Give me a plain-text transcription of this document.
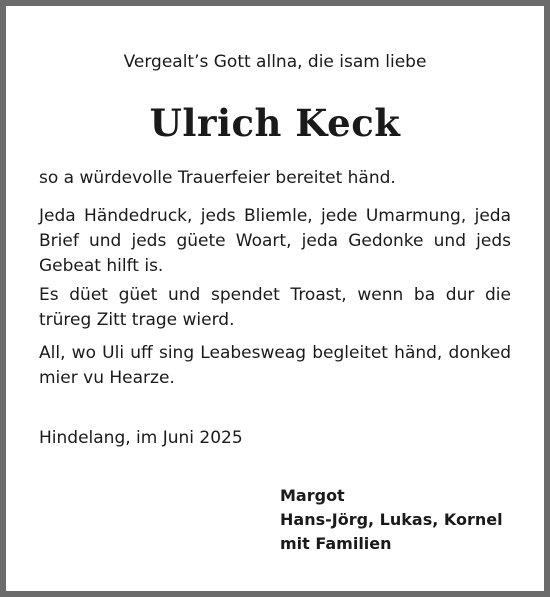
Vergealt’s Gott allna, die isam liebe
Ulrich Keck

so a würdevolle Trauerfeier bereitet händ.

Jeda Händedruck, jeds Bliemle, jede Umarmung, jeda Brief und jeds güete Woart, jeda Gedonke und jeds Gebeat hilft is.

Es düet güet und spendet Troast, wenn ba dur die trüreg Zitt trage wierd.

All, wo Uli uff sing Leabesweag begleitet händ, donked mier vu Hearze.

Hindelang, im Juni 2025
Margot
Hans-Jörg, Lukas, Kornel
mit Familien
